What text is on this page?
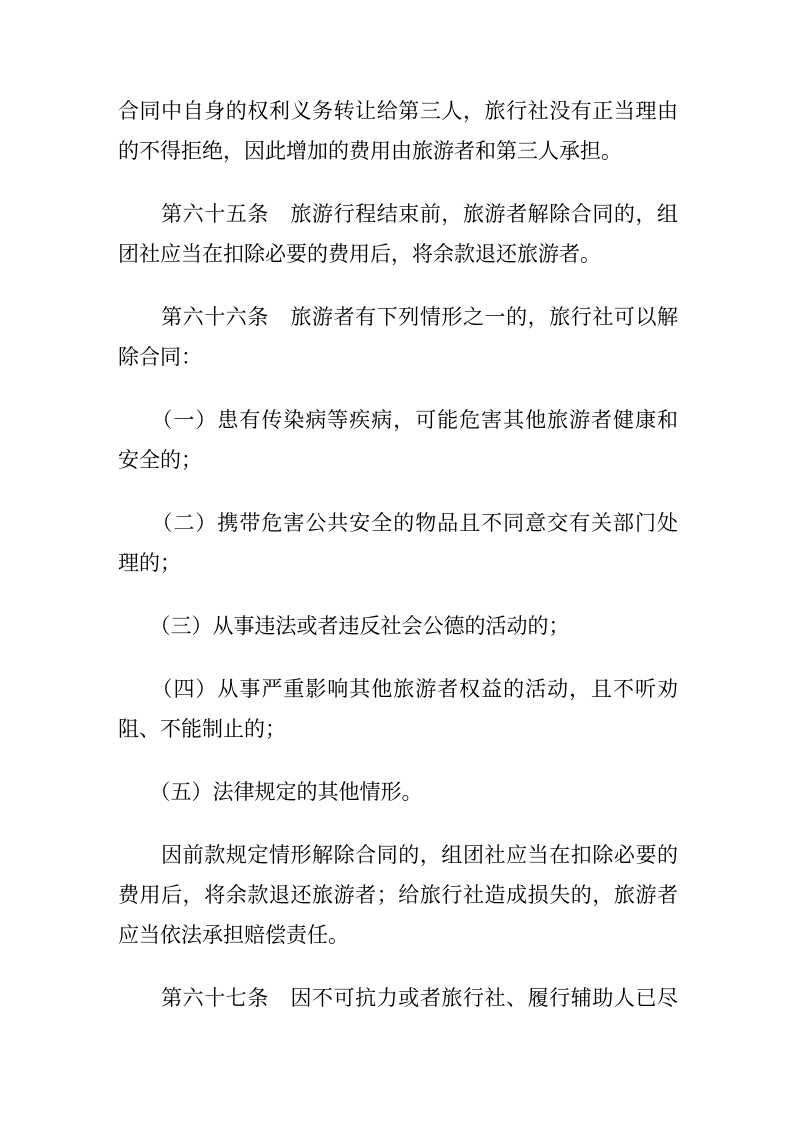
合同中自身的权利义务转让给第三人，旅行社没有正当理由
的不得拒绝，因此增加的费用由旅游者和第三人承担。
　　第六十五条　旅游行程结束前，旅游者解除合同的，组
团社应当在扣除必要的费用后，将余款退还旅游者。
　　第六十六条　旅游者有下列情形之一的，旅行社可以解
除合同：
　　（一）患有传染病等疾病，可能危害其他旅游者健康和
安全的；
　　（二）携带危害公共安全的物品且不同意交有关部门处
理的；
　　（三）从事违法或者违反社会公德的活动的；
　　（四）从事严重影响其他旅游者权益的活动，且不听劝
阻、不能制止的；
　　（五）法律规定的其他情形。
　　因前款规定情形解除合同的，组团社应当在扣除必要的
费用后，将余款退还旅游者；给旅行社造成损失的，旅游者
应当依法承担赔偿责任。
　　第六十七条　因不可抗力或者旅行社、履行辅助人已尽
